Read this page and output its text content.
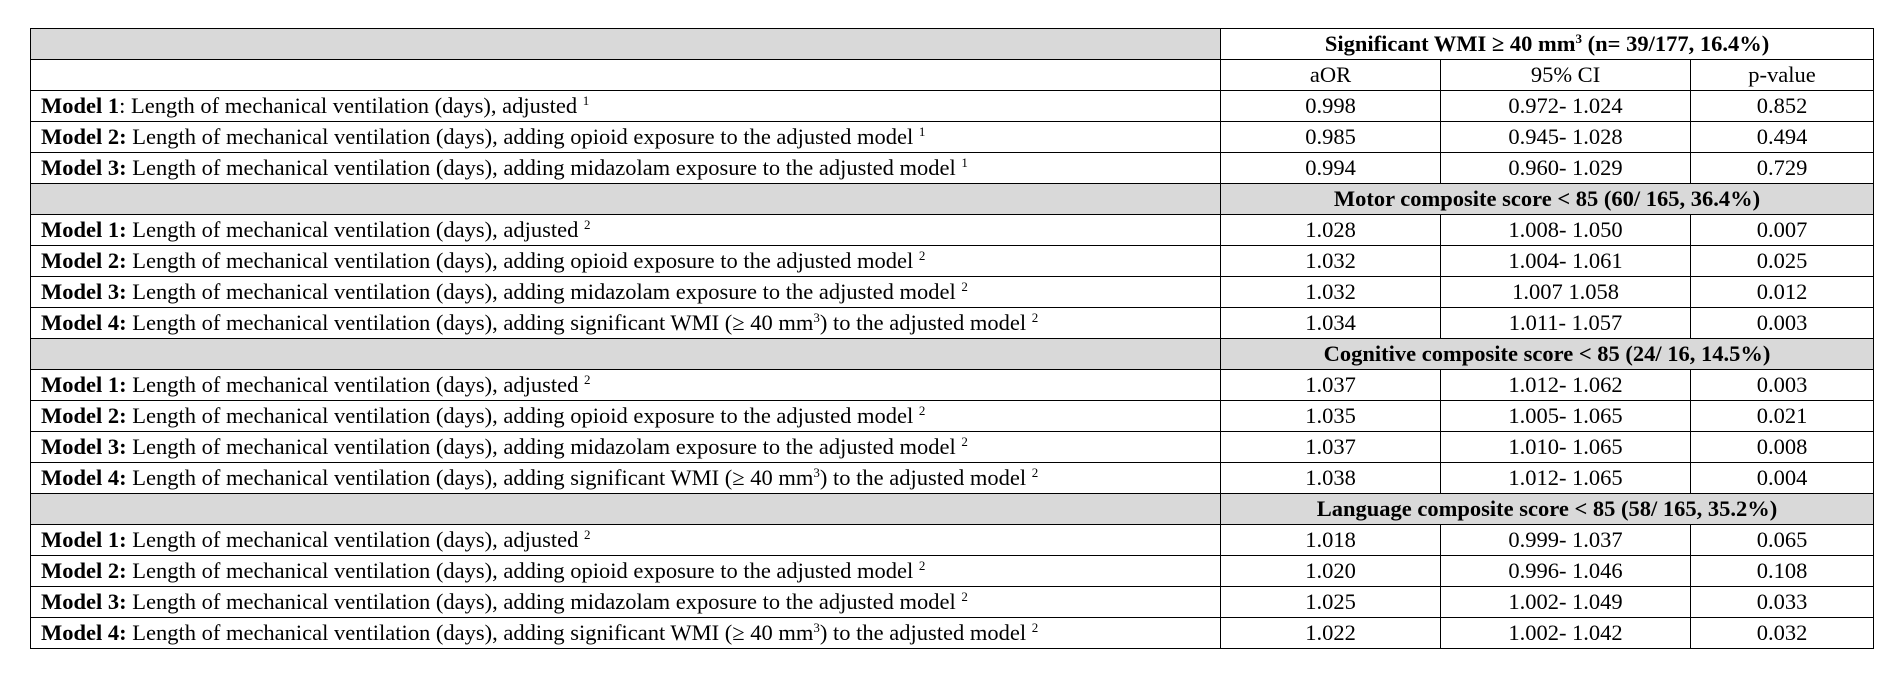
	Significant WMI ≥ 40 $mm^3$ (n= 39/177, 16.4%)		
	aOR	95% CI	p-value
Model 1: Length of mechanical ventilation (days), adjusted $^1$	0.998	0.972- 1.024	0.852
Model 2: Length of mechanical ventilation (days), adding opioid exposure to the adjusted model $^1$	0.985	0.945- 1.028	0.494
Model 3: Length of mechanical ventilation (days), adding midazolam exposure to the adjusted model $^1$	0.994	0.960- 1.029	0.729
	Motor composite score < 85 (60/ 165, 36.4%)		
Model 1: Length of mechanical ventilation (days), adjusted $^2$	1.028	1.008- 1.050	0.007
Model 2: Length of mechanical ventilation (days), adding opioid exposure to the adjusted model $^2$	1.032	1.004- 1.061	0.025
Model 3: Length of mechanical ventilation (days), adding midazolam exposure to the adjusted model $^2$	1.032	1.007 1.058	0.012
Model 4: Length of mechanical ventilation (days), adding significant WMI (≥ 40 $mm^3$) to the adjusted model $^2$	1.034	1.011- 1.057	0.003
	Cognitive composite score < 85 (24/ 16, 14.5%)		
Model 1: Length of mechanical ventilation (days), adjusted $^2$	1.037	1.012- 1.062	0.003
Model 2: Length of mechanical ventilation (days), adding opioid exposure to the adjusted model $^2$	1.035	1.005- 1.065	0.021
Model 3: Length of mechanical ventilation (days), adding midazolam exposure to the adjusted model $^2$	1.037	1.010- 1.065	0.008
Model 4: Length of mechanical ventilation (days), adding significant WMI (≥ 40 $mm^3$) to the adjusted model $^2$	1.038	1.012- 1.065	0.004
	Language composite score < 85 (58/ 165, 35.2%)		
Model 1: Length of mechanical ventilation (days), adjusted $^2$	1.018	0.999- 1.037	0.065
Model 2: Length of mechanical ventilation (days), adding opioid exposure to the adjusted model $^2$	1.020	0.996- 1.046	0.108
Model 3: Length of mechanical ventilation (days), adding midazolam exposure to the adjusted model $^2$	1.025	1.002- 1.049	0.033
Model 4: Length of mechanical ventilation (days), adding significant WMI (≥ 40 $mm^3$) to the adjusted model $^2$	1.022	1.002- 1.042	0.032
